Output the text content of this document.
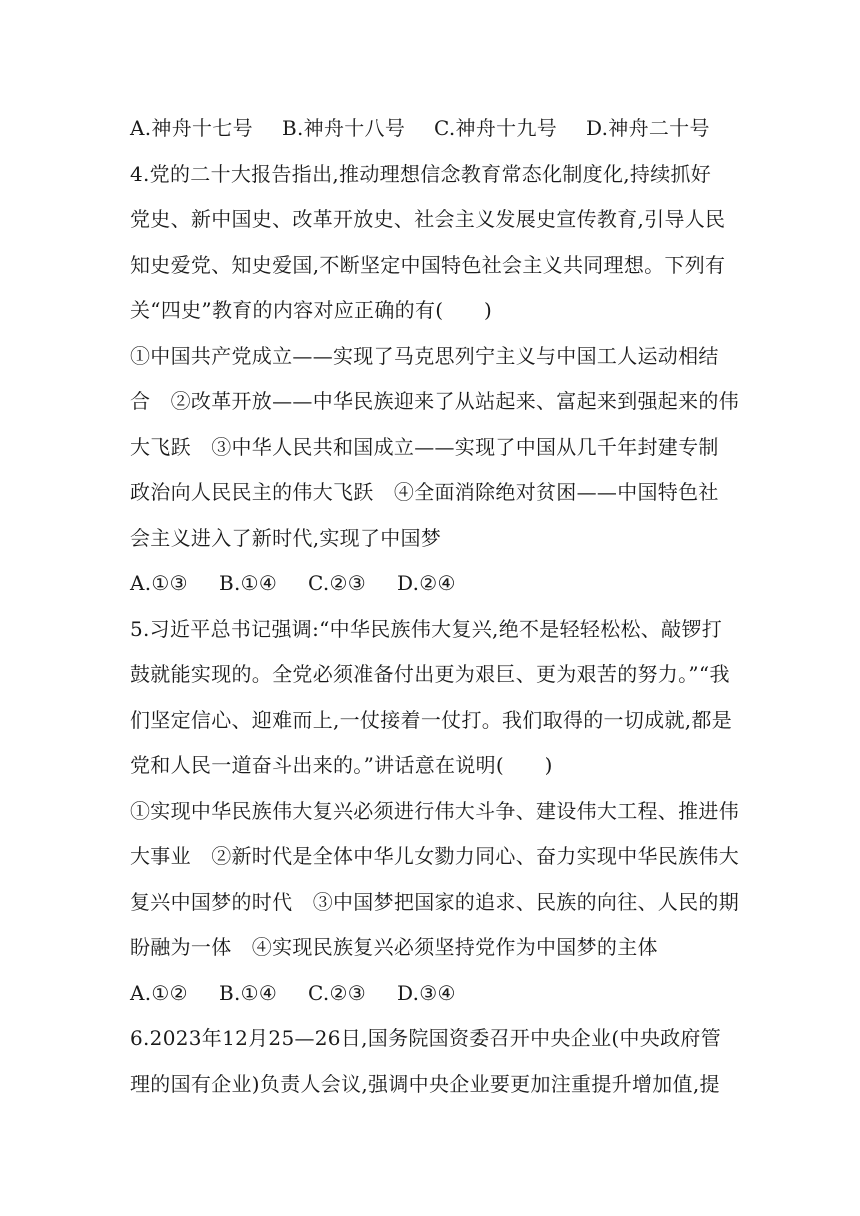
A.神舟十七号	B.神舟十八号	C.神舟十九号	D.神舟二十号
4.党的二十大报告指出,推动理想信念教育常态化制度化,持续抓好
党史、新中国史、改革开放史、社会主义发展史宣传教育,引导人民
知史爱党、知史爱国,不断坚定中国特色社会主义共同理想。下列有
关“四史”教育的内容对应正确的有(　　)
①中国共产党成立——实现了马克思列宁主义与中国工人运动相结
合　②改革开放——中华民族迎来了从站起来、富起来到强起来的伟
大飞跃　③中华人民共和国成立——实现了中国从几千年封建专制
政治向人民民主的伟大飞跃　④全面消除绝对贫困——中国特色社
会主义进入了新时代,实现了中国梦
A.①③	B.①④	C.②③	D.②④
5.习近平总书记强调:“中华民族伟大复兴,绝不是轻轻松松、敲锣打
鼓就能实现的。全党必须准备付出更为艰巨、更为艰苦的努力。”“我
们坚定信心、迎难而上,一仗接着一仗打。我们取得的一切成就,都是
党和人民一道奋斗出来的。”讲话意在说明(　　)
①实现中华民族伟大复兴必须进行伟大斗争、建设伟大工程、推进伟
大事业　②新时代是全体中华儿女勠力同心、奋力实现中华民族伟大
复兴中国梦的时代　③中国梦把国家的追求、民族的向往、人民的期
盼融为一体　④实现民族复兴必须坚持党作为中国梦的主体
A.①②	B.①④	C.②③	D.③④
6.2023年12月25—26日,国务院国资委召开中央企业(中央政府管
理的国有企业)负责人会议,强调中央企业要更加注重提升增加值,提
